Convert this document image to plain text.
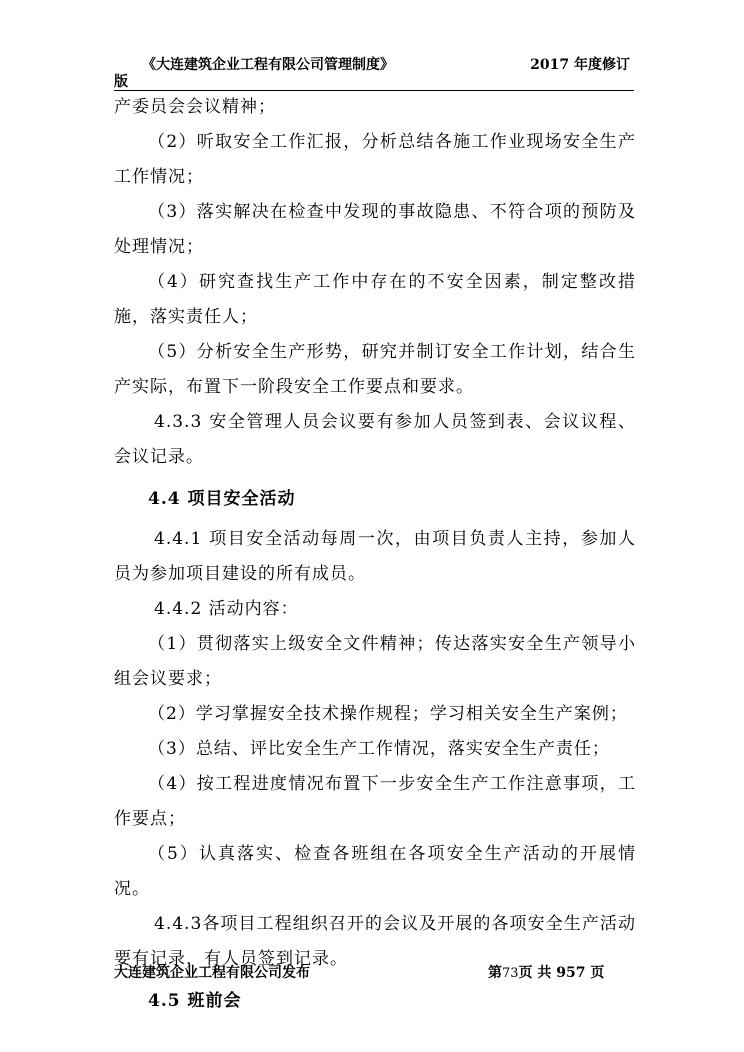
《大连建筑企业工程有限公司管理制度》	2017 年度修订
版

产委员会会议精神；

（2）听取安全工作汇报，分析总结各施工作业现场安全生产工作情况；

（3）落实解决在检查中发现的事故隐患、不符合项的预防及处理情况；

（4）研究查找生产工作中存在的不安全因素，制定整改措施，落实责任人；

（5）分析安全生产形势，研究并制订安全工作计划，结合生产实际，布置下一阶段安全工作要点和要求。

4.3.3 安全管理人员会议要有参加人员签到表、会议议程、会议记录。

4.4 项目安全活动

4.4.1 项目安全活动每周一次，由项目负责人主持，参加人员为参加项目建设的所有成员。

4.4.2 活动内容：

（1）贯彻落实上级安全文件精神；传达落实安全生产领导小组会议要求；

（2）学习掌握安全技术操作规程；学习相关安全生产案例；

（3）总结、评比安全生产工作情况，落实安全生产责任；

（4）按工程进度情况布置下一步安全生产工作注意事项，工作要点；

（5）认真落实、检查各班组在各项安全生产活动的开展情况。

4.4.3各项目工程组织召开的会议及开展的各项安全生产活动要有记录，有人员签到记录。

4.5 班前会

大连建筑企业工程有限公司发布	第73页 共 957 页
